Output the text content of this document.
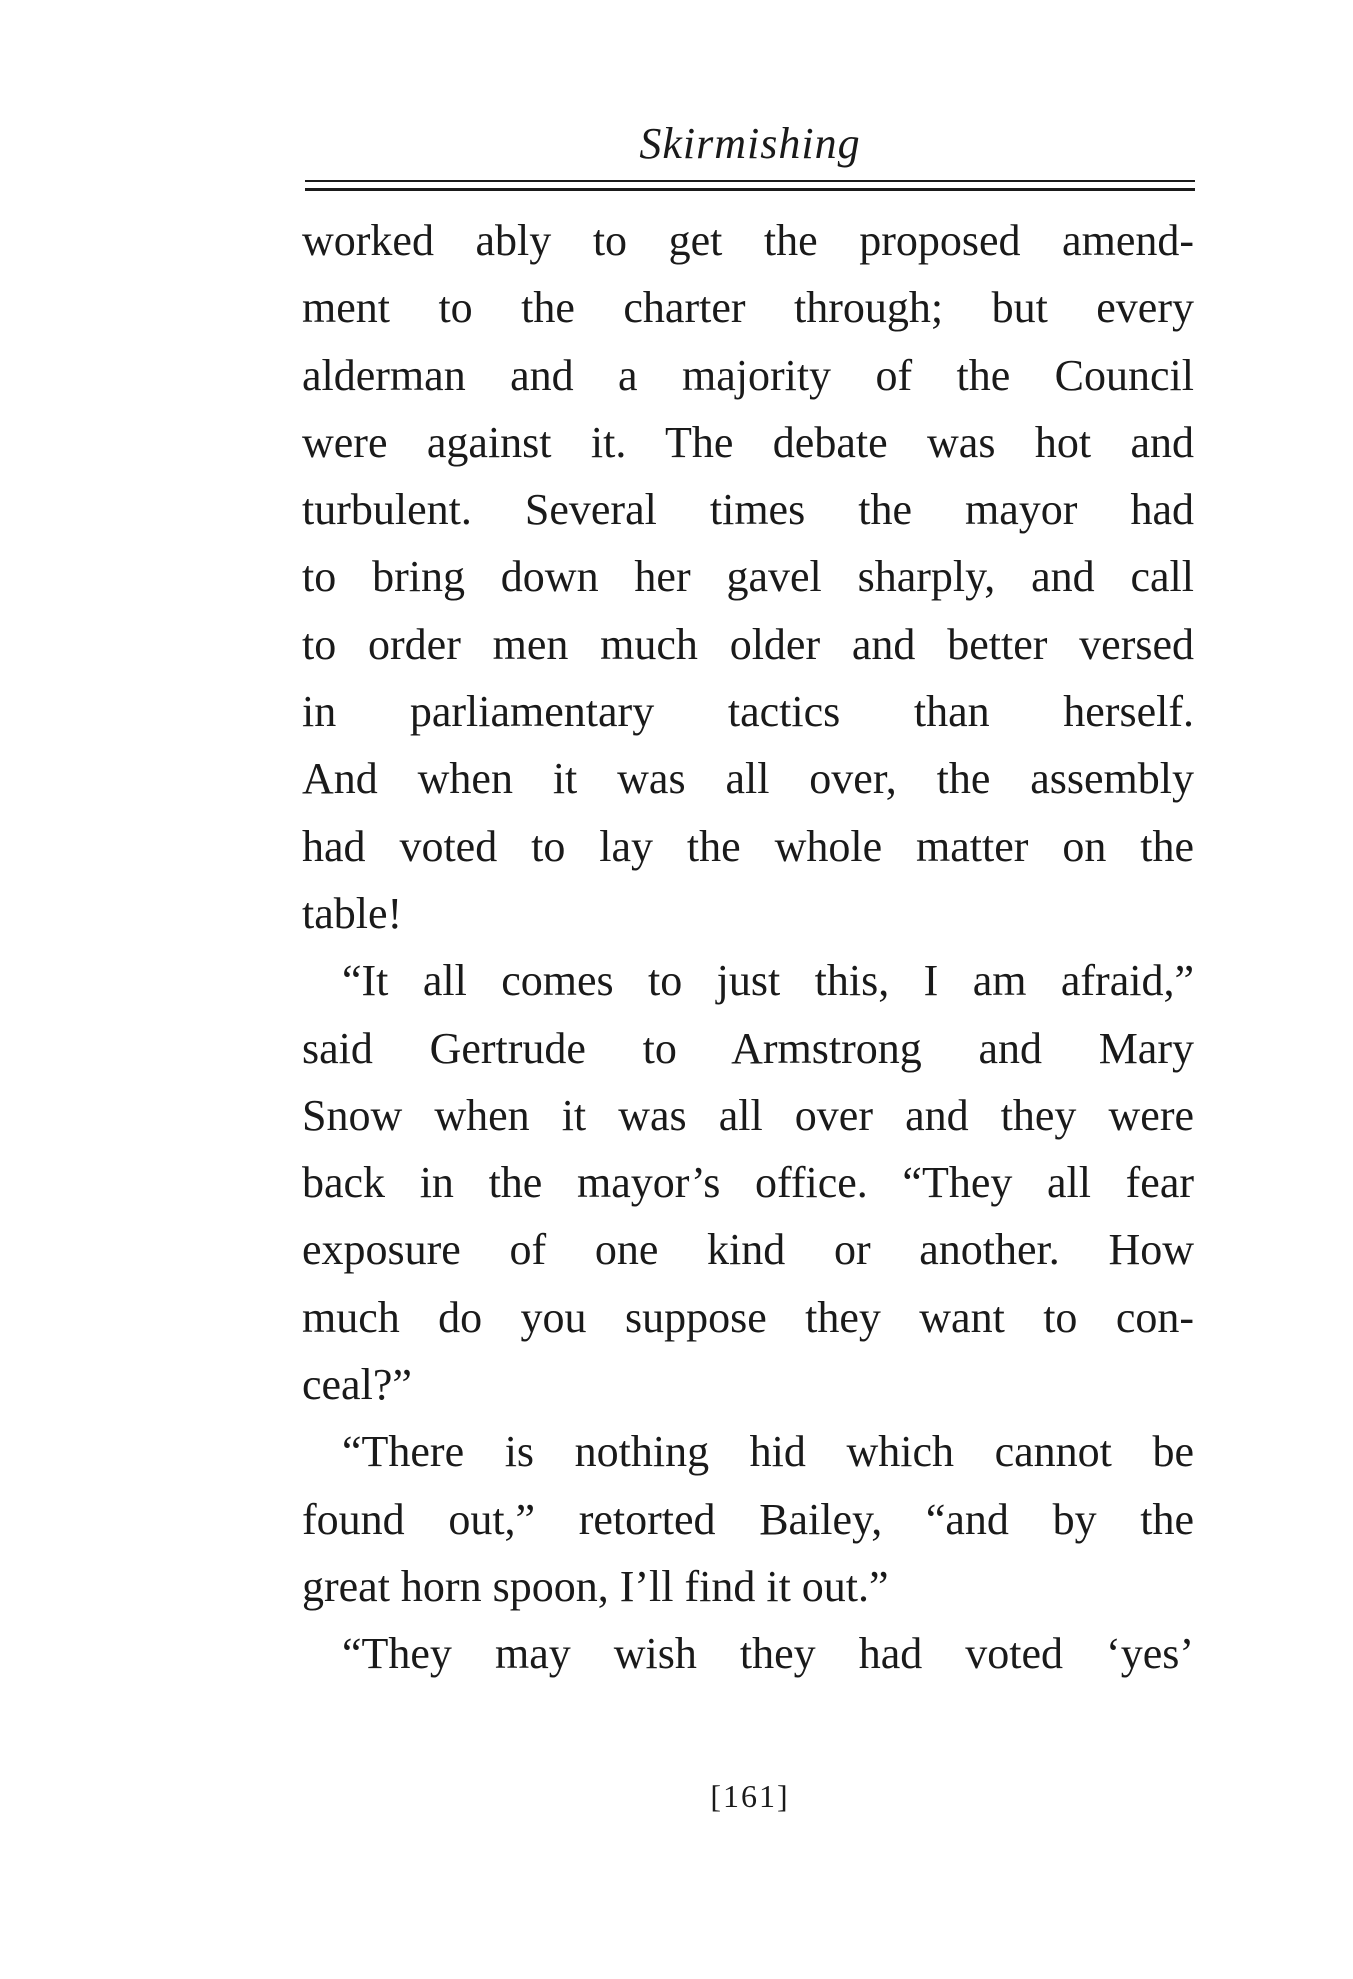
Skirmishing
worked ably to get the proposed amend-
ment to the charter through; but every
alderman and a majority of the Council
were against it. The debate was hot and
turbulent. Several times the mayor had
to bring down her gavel sharply, and call
to order men much older and better versed
in parliamentary tactics than herself.
And when it was all over, the assembly
had voted to lay the whole matter on the
table!
“It all comes to just this, I am afraid,”
said Gertrude to Armstrong and Mary
Snow when it was all over and they were
back in the mayor’s office. “They all fear
exposure of one kind or another. How
much do you suppose they want to con-
ceal?”
“There is nothing hid which cannot be
found out,” retorted Bailey, “and by the
great horn spoon, I’ll find it out.”
“They may wish they had voted ‘yes’
[161]
